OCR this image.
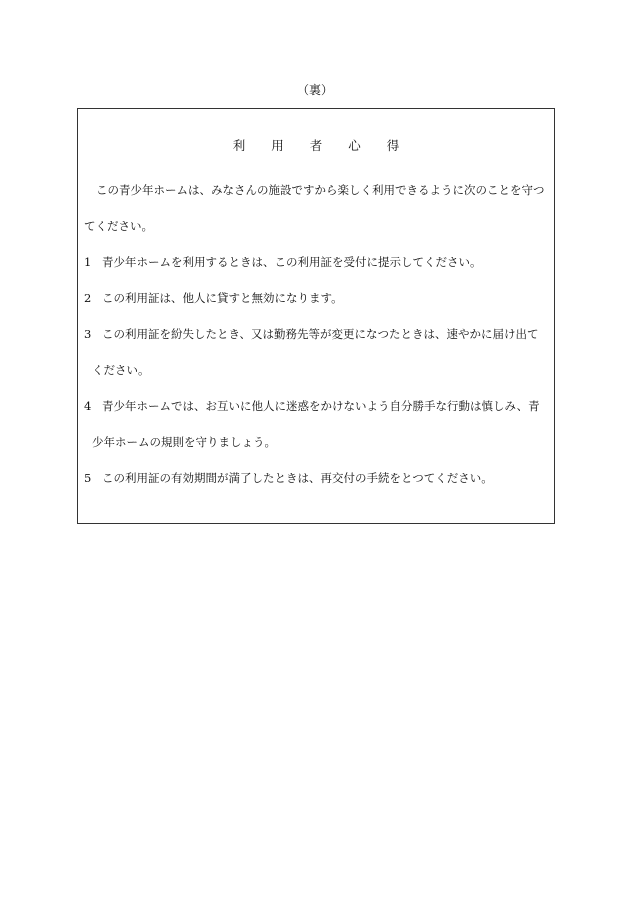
（裏）
利 用 者 心 得
この青少年ホームは、みなさんの施設ですから楽しく利用できるように次のことを守つ
てください。
1 青少年ホームを利用するときは、この利用証を受付に提示してください。
2 この利用証は、他人に貸すと無効になります。
3 この利用証を紛失したとき、又は勤務先等が変更になつたときは、速やかに届け出て
ください。
4 青少年ホームでは、お互いに他人に迷惑をかけないよう自分勝手な行動は慎しみ、青
少年ホームの規則を守りましょう。
5 この利用証の有効期間が満了したときは、再交付の手続をとつてください。
